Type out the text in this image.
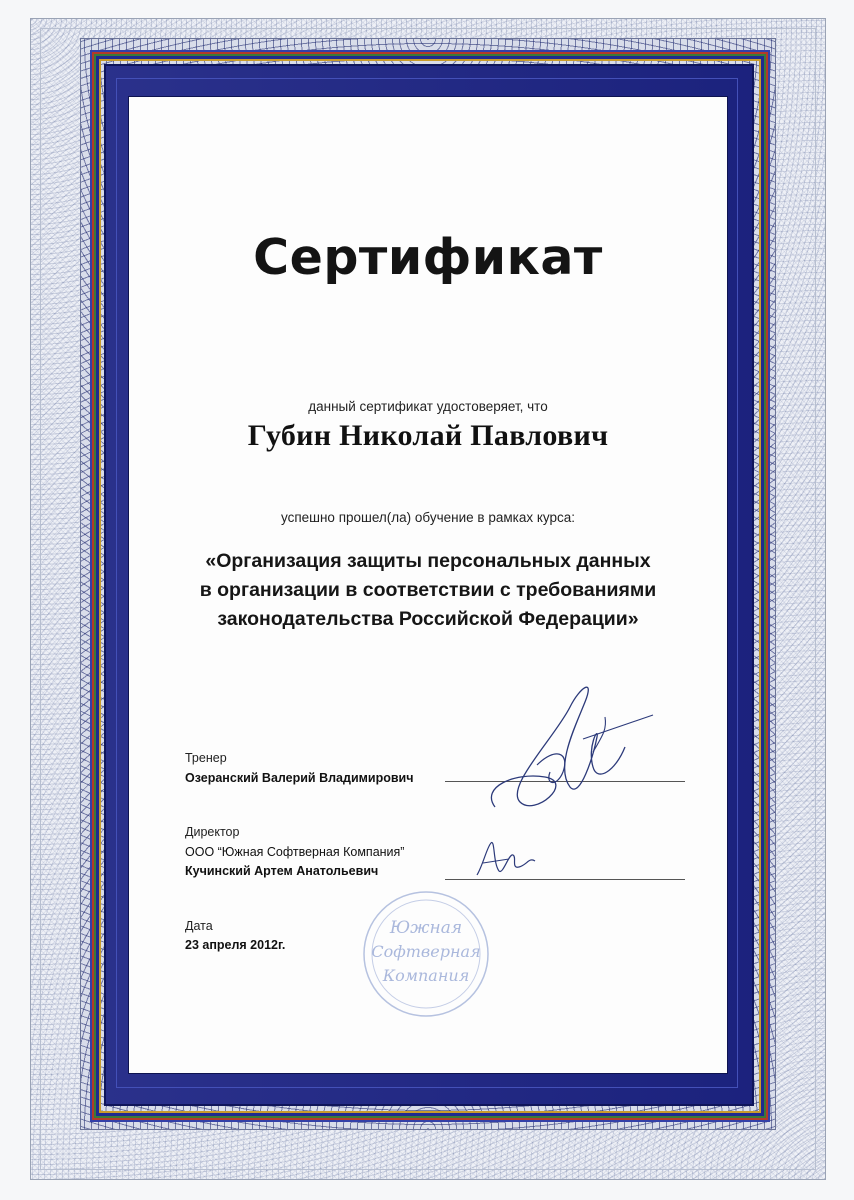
Сертификат
данный сертификат удостоверяет, что
Губин Николай Павлович
успешно прошел(ла) обучение в рамках курса:
«Организация защиты персональных данных
в организации в соответствии с требованиями
законодательства Российской Федерации»
Тренер
Озеранский Валерий Владимирович
Директор
ООО “Южная Софтверная Компания”
Кучинский Артем Анатольевич
Дата
23 апреля 2012г.
Южная
Софтверная
Компания
